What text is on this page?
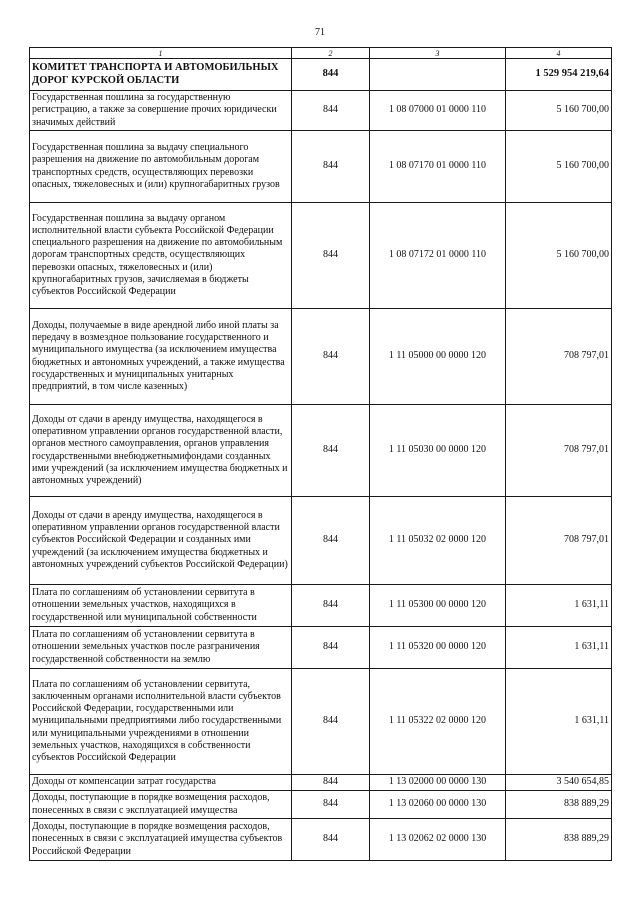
71
1	2	3	4
КОМИТЕТ ТРАНСПОРТА И АВТОМОБИЛЬНЫХ ДОРОГ КУРСКОЙ ОБЛАСТИ	844		1 529 954 219,64
Государственная пошлина за государственную регистрацию, а также за совершение прочих юридически значимых действий	844	1 08 07000 01 0000 110	5 160 700,00
Государственная пошлина за выдачу специального разрешения на движение по автомобильным дорогам транспортных средств, осуществляющих перевозки опасных, тяжеловесных и (или) крупногабаритных грузов	844	1 08 07170 01 0000 110	5 160 700,00
Государственная пошлина за выдачу органом исполнительной власти субъекта Российской Федерации специального разрешения на движение по автомобильным дорогам транспортных средств, осуществляющих перевозки опасных, тяжеловесных и (или) крупногабаритных грузов, зачисляемая в бюджеты субъектов Российской Федерации	844	1 08 07172 01 0000 110	5 160 700,00
Доходы, получаемые в виде арендной либо иной платы за передачу в возмездное пользование государственного и муниципального имущества (за исключением имущества бюджетных и автономных учреждений, а также имущества государственных и муниципальных унитарных предприятий, в том числе казенных)	844	1 11 05000 00 0000 120	708 797,01
Доходы от сдачи в аренду имущества, находящегося в оперативном управлении органов государственной власти, органов местного самоуправления, органов управления государственными внебюджетнымифондами созданных ими учреждений (за исключением имущества бюджетных и автономных учреждений)	844	1 11 05030 00 0000 120	708 797,01
Доходы от сдачи в аренду имущества, находящегося в оперативном управлении органов государственной власти субъектов Российской Федерации и созданных ими учреждений (за исключением имущества бюджетных и автономных учреждений субъектов Российской Федерации)	844	1 11 05032 02 0000 120	708 797,01
Плата по соглашениям об установлении сервитута в отношении земельных участков, находящихся в государственной или муниципальной собственности	844	1 11 05300 00 0000 120	1 631,11
Плата по соглашениям об установлении сервитута в отношении земельных участков после разграничения государственной собственности на землю	844	1 11 05320 00 0000 120	1 631,11
Плата по соглашениям об установлении сервитута, заключенным органами исполнительной власти субъектов Российской Федерации, государственными или муниципальными предприятиями либо государственными или муниципальными учреждениями в отношении земельных участков, находящихся в собственности субъектов Российской Федерации	844	1 11 05322 02 0000 120	1 631,11
Доходы от компенсации затрат государства	844	1 13 02000 00 0000 130	3 540 654,85
Доходы, поступающие в порядке возмещения расходов, понесенных в связи с эксплуатацией имущества	844	1 13 02060 00 0000 130	838 889,29
Доходы, поступающие в порядке возмещения расходов, понесенных в связи с эксплуатацией имущества субъектов Российской Федерации	844	1 13 02062 02 0000 130	838 889,29
